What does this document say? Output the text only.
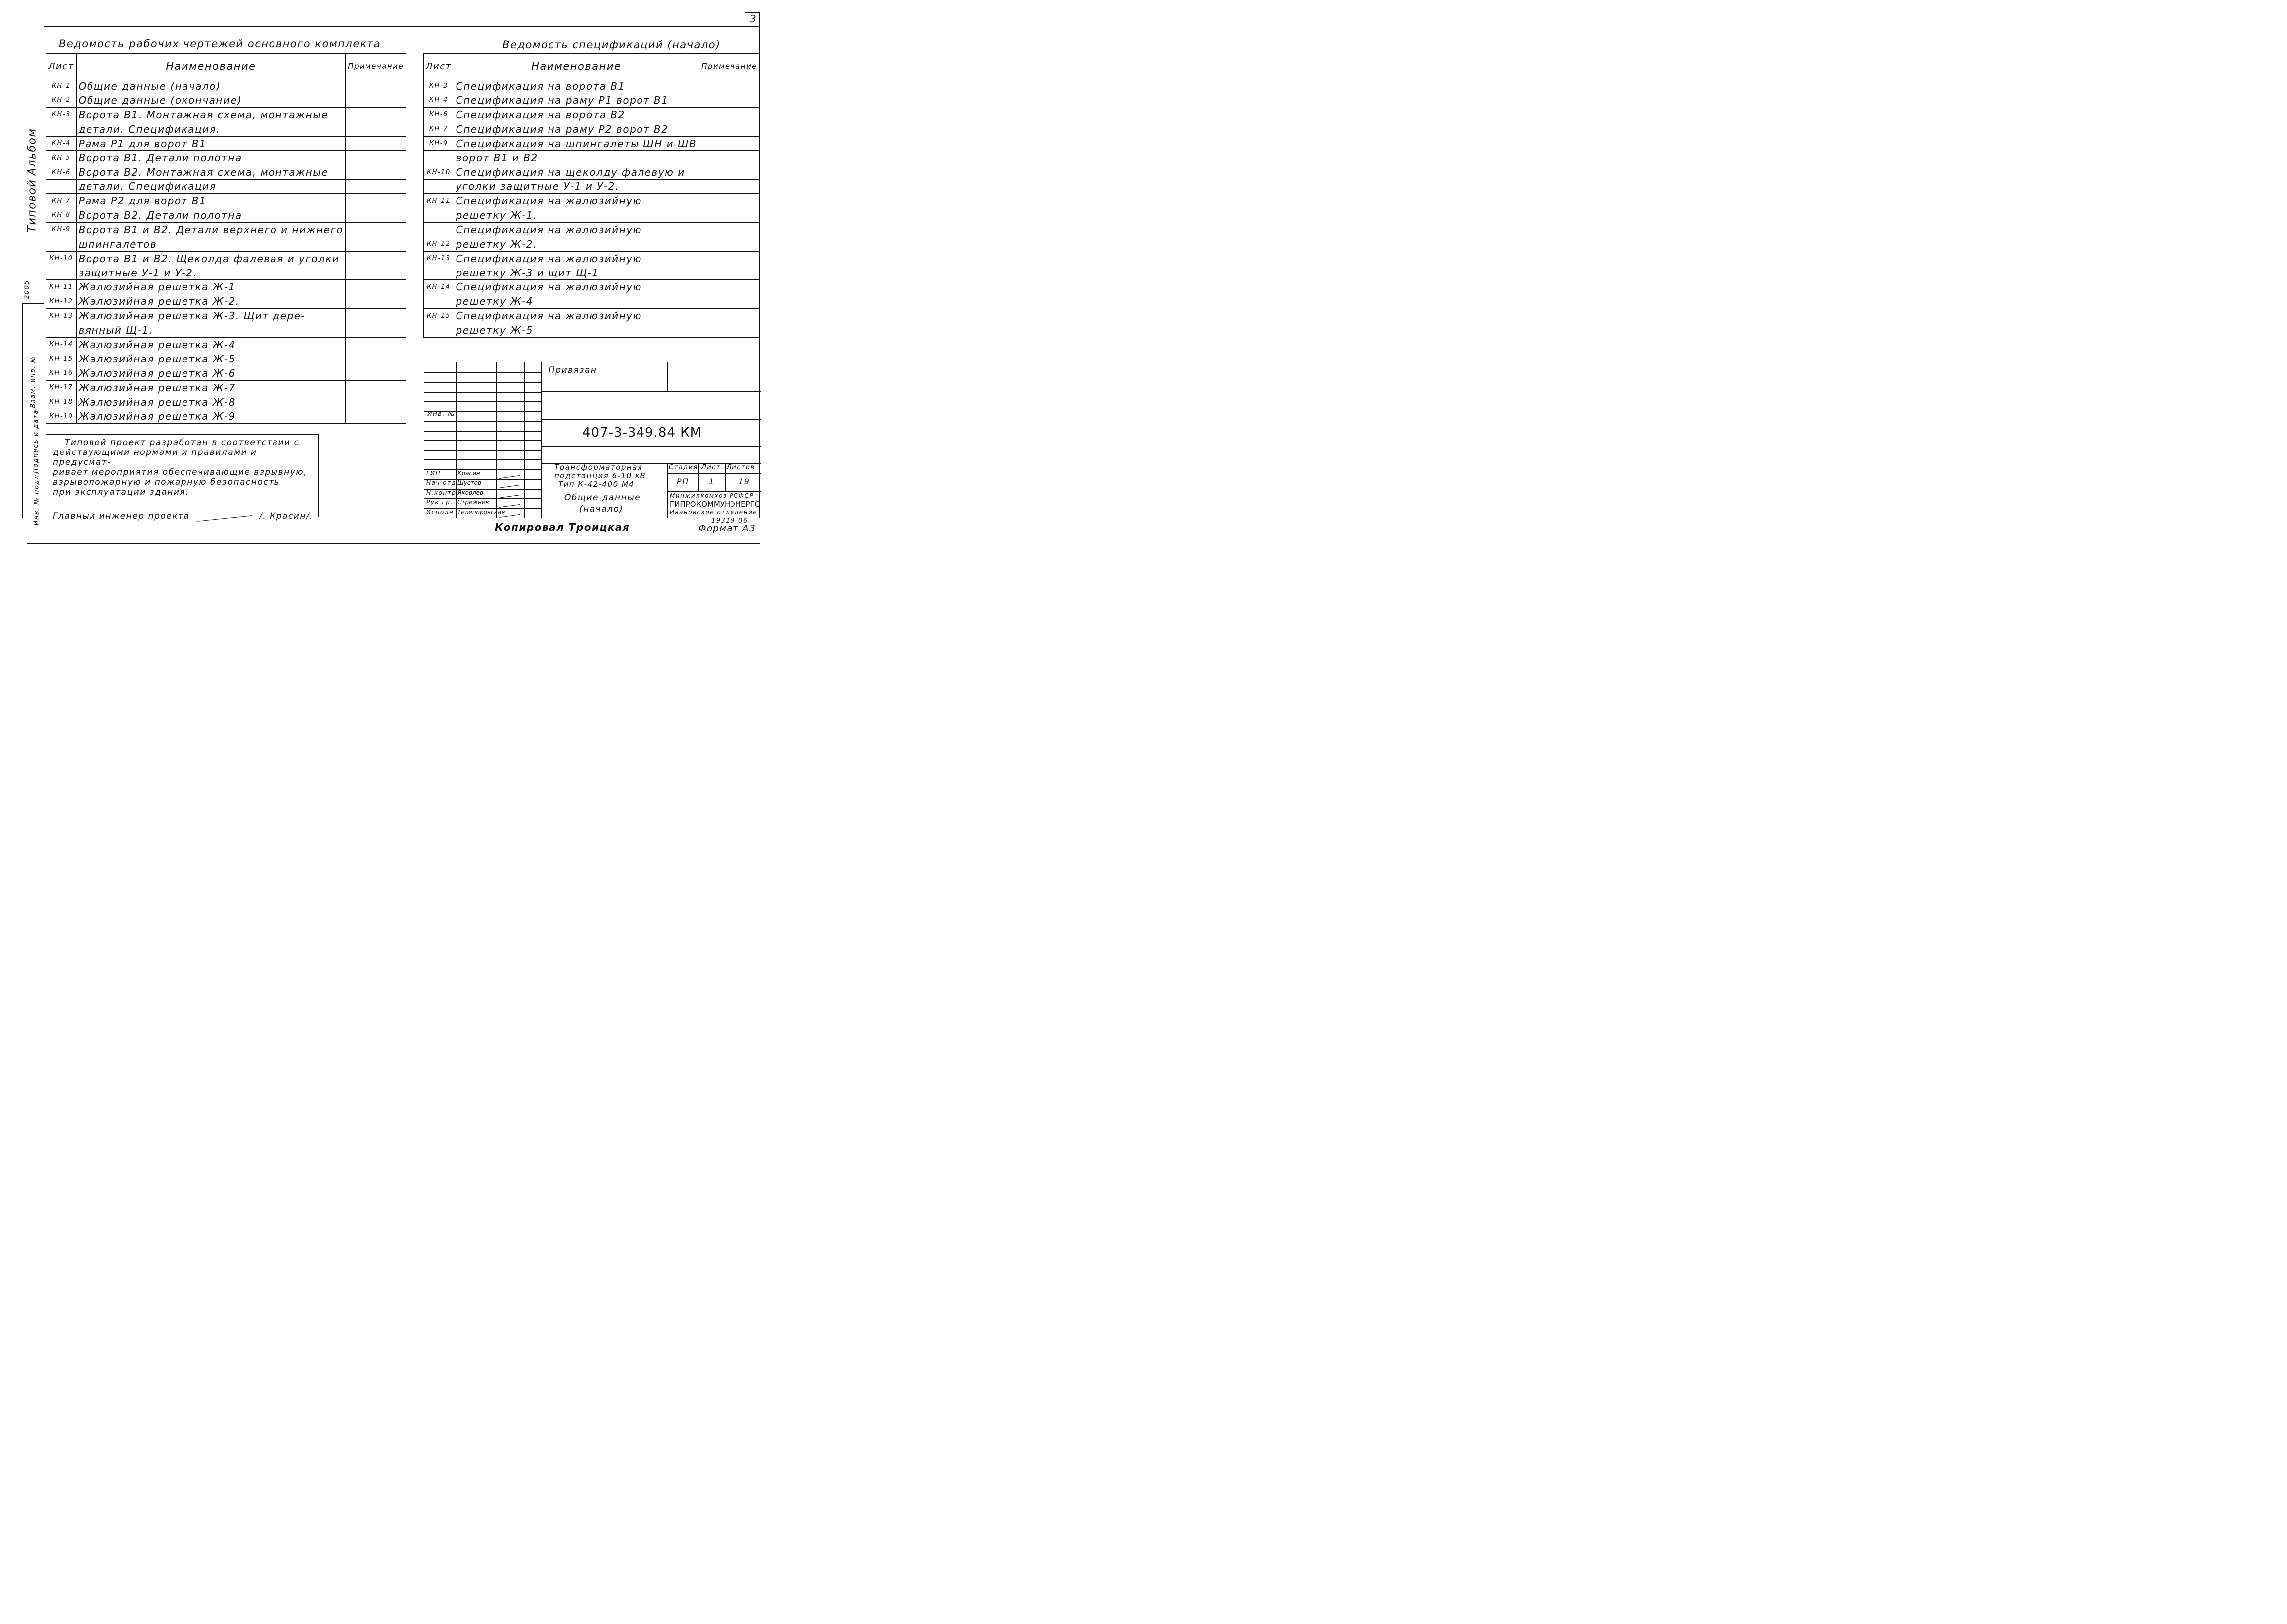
3
Типовой Альбом
2005
Инв. № подл.
Подпись и дата
Взам. инв. №
Ведомость рабочих чертежей основного комплекта
Лист	Наименование	Примечание
КН-1	Общие данные (начало)	
КН-2	Общие данные (окончание)	
КН-3	Ворота В1. Монтажная схема, монтажные	
	детали. Спецификация.	
КН-4	Рама Р1 для ворот В1	
КН-5	Ворота В1. Детали полотна	
КН-6	Ворота В2. Монтажная схема, монтажные	
	детали. Спецификация	
КН-7	Рама Р2 для ворот В1	
КН-8	Ворота В2. Детали полотна	
КН-9	Ворота В1 и В2. Детали верхнего и нижнего	
	шпингалетов	
КН-10	Ворота В1 и В2. Щеколда фалевая и уголки	
	защитные У-1 и У-2.	
КН-11	Жалюзийная решетка Ж-1	
КН-12	Жалюзийная решетка Ж-2.	
КН-13	Жалюзийная решетка Ж-3. Щит дере-	
	вянный Щ-1.	
КН-14	Жалюзийная решетка Ж-4	
КН-15	Жалюзийная решетка Ж-5	
КН-16	Жалюзийная решетка Ж-6	
КН-17	Жалюзийная решетка Ж-7	
КН-18	Жалюзийная решетка Ж-8	
КН-19	Жалюзийная решетка Ж-9	
Ведомость спецификаций (начало)
Лист	Наименование	Примечание
КН-3	Спецификация на ворота В1	
КН-4	Спецификация на раму Р1 ворот В1	
КН-6	Спецификация на ворота В2	
КН-7	Спецификация на раму Р2 ворот В2	
КН-9	Спецификация на шпингалеты ШН и ШВ	
	ворот В1 и В2	
КН-10	Спецификация на щеколду фалевую и	
	уголки защитные У-1 и У-2.	
КН-11	Спецификация на жалюзийную	
	решетку Ж-1.	
	Спецификация на жалюзийную	
КН-12	решетку Ж-2.	
КН-13	Спецификация на жалюзийную	
	решетку Ж-3 и щит Щ-1	
КН-14	Спецификация на жалюзийную	
	решетку Ж-4	
КН-15	Спецификация на жалюзийную	
	решетку Ж-5	
Типовой проект разработан в соответствии с
действующими нормами и правилами и предусмат-
ривает мероприятия обеспечивающие взрывную,
взрывопожарную и пожарную безопасность
при эксплуатации здания.
Главный инженер проекта	/. Красин/.
Привязан
Инв. №
407-3-349.84 КМ
Трансформаторная
подстанция 6-10 кВ
Тип К-42-400 М4
Общие данные
(начало)
Стадия Лист Листов
РП 1	19
Минжилкомхоз РСФСР
ГИПРОКОММУНЭНЕРГО
Ивановское отделение
ГИП	Красин
Нач.отд Шустов
Н.контр Яковлев
Рук.гр. Стрежнев
Исполн Телепоровская
19319-06
Копировал Троицкая	Формат А3
